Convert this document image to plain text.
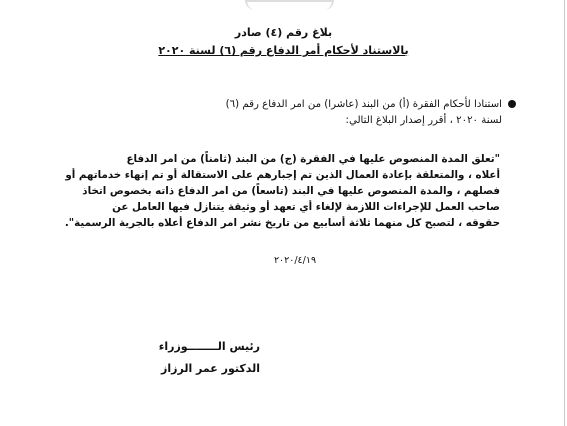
بلاغ رقم (٤) صادر
بالاستناد لأحكام أمر الدفاع رقم (٦) لسنة ٢٠٢٠
استنادا لأحكام الفقرة (أ) من البند (عاشرا) من امر الدفاع رقم (٦)
لسنة ٢٠٢٠ ، أقرر إصدار البلاغ التالي:
"تعلق المدة المنصوص عليها في الفقرة (ج) من البند (ثامناً) من امر الدفاع
أعلاه ، والمتعلقة بإعادة العمال الذين تم إجبارهم على الاستقالة أو تم إنهاء خدماتهم أو
فصلهم ، والمدة المنصوص عليها في البند (تاسعاً) من امر الدفاع ذاته بخصوص اتخاذ
صاحب العمل للإجراءات اللازمة لإلغاء أي تعهد أو وثيقة يتنازل فيها العامل عن
حقوقه ، لتصبح كل منهما ثلاثة أسابيع من تاريخ نشر امر الدفاع أعلاه بالجرية الرسمية".
٢٠٢٠/٤/١٩
رئيس الــــــــوزراء
الدكتور عمر الرزاز
